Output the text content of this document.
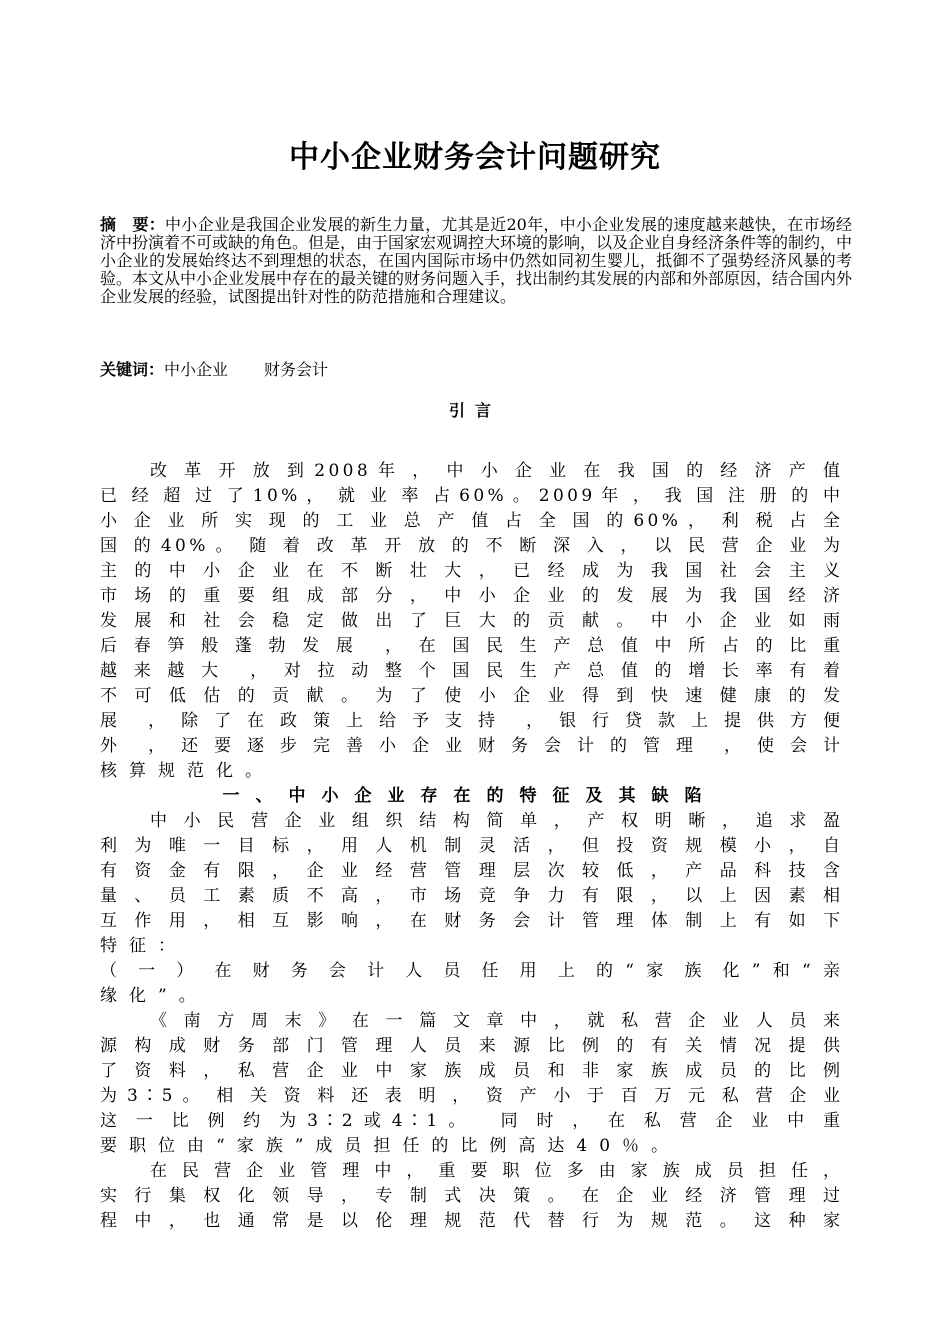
中小企业财务会计问题研究
摘　要：中小企业是我国企业发展的新生力量，尤其是近20年，中小企业发展的速度越来越快，在市场经济中扮演着不可或缺的角色。但是，由于国家宏观调控大环境的影响，以及企业自身经济条件等的制约，中小企业的发展始终达不到理想的状态，在国内国际市场中仍然如同初生婴儿，抵御不了强势经济风暴的考验。本文从中小企业发展中存在的最关键的财务问题入手，找出制约其发展的内部和外部原因，结合国内外企业发展的经验，试图提出针对性的防范措施和合理建议。
关键词：中小企业 财务会计
引言
改 革 开 放 到 2 0 0 8 年 ， 中 小 企 业 在 我 国 的 经 济 产 值
已 经 超 过 了 1 0 % ， 就 业 率 占 6 0 % 。 2 0 0 9 年 ， 我 国 注 册 的 中
小 企 业 所 实 现 的 工 业 总 产 值 占 全 国 的 6 0 % ， 利 税 占 全
国 的 4 0 % 。 随 着 改 革 开 放 的 不 断 深 入 ， 以 民 营 企 业 为
主 的 中 小 企 业 在 不 断 壮 大 ， 已 经 成 为 我 国 社 会 主 义
市 场 的 重 要 组 成 部 分 ， 中 小 企 业 的 发 展 为 我 国 经 济
发 展 和 社 会 稳 定 做 出 了 巨 大 的 贡 献 。 中 小 企 业 如 雨
后 春 笋 般 蓬 勃 发 展   ， 在 国 民 生 产 总 值 中 所 占 的 比 重
越 来 越 大   ， 对 拉 动 整 个 国 民 生 产 总 值 的 增 长 率 有 着
不 可 低 估 的 贡 献 。 为 了 使 小 企 业 得 到 快 速 健 康 的 发
展   ， 除 了 在 政 策 上 给 予 支 持   ， 银 行 贷 款 上 提 供 方 便
外   ， 还 要 逐 步 完 善 小 企 业 财 务 会 计 的 管 理   ， 使 会 计
核算规范化。
一、中小企业存在的特征及其缺陷
中 小 民 营 企 业 组 织 结 构 简 单 ， 产 权 明 晰 ， 追 求 盈
利 为 唯 一 目 标 ， 用 人 机 制 灵 活 ， 但 投 资 规 模 小 ， 自
有 资 金 有 限 ， 企 业 经 营 管 理 层 次 较 低 ， 产 品 科 技 含
量 、 员 工 素 质 不 高 ， 市 场 竞 争 力 有 限 ， 以 上 因 素 相
互 作 用 ， 相 互 影 响 ， 在 财 务 会 计 管 理 体 制 上 有 如 下
特征：
（ 一 ） 在 财 务 会 计 人 员 任 用 上 的 “ 家 族 化 ” 和 “ 亲
缘化”。
《 南 方 周 末 》 在 一 篇 文 章 中 ， 就 私 营 企 业 人 员 来
源 构 成 财 务 部 门 管 理 人 员 来 源 比 例 的 有 关 情 况 提 供
了 资 料 ， 私 营 企 业 中 家 族 成 员 和 非 家 族 成 员 的 比 例
为 3 ∶ 5 。 相 关 资 料 还 表 明 ， 资 产 小 于 百 万 元 私 营 企 业
这 一 比 例 约 为 3 ∶ 2 或 4 ∶ 1 。   同 时 ， 在 私 营 企 业 中 重
要职位由“家族”成员担任的比例高达40％。
在 民 营 企 业 管 理 中 ， 重 要 职 位 多 由 家 族 成 员 担 任 ，
实 行 集 权 化 领 导 ， 专 制 式 决 策 。 在 企 业 经 济 管 理 过
程 中 ， 也 通 常 是 以 伦 理 规 范 代 替 行 为 规 范 。 这 种 家
